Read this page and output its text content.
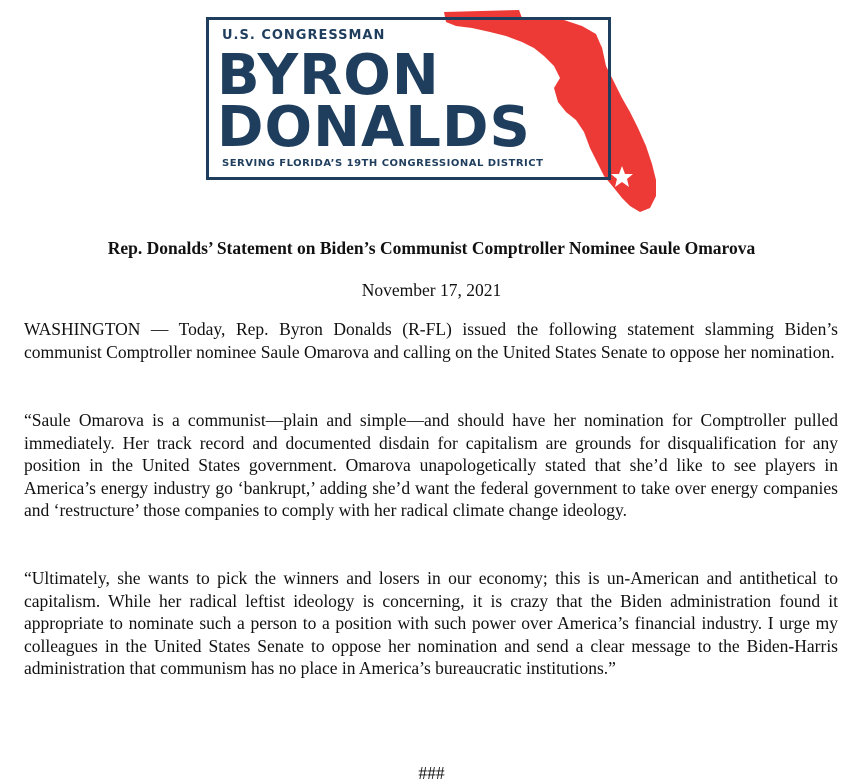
U.S. CONGRESSMAN
BYRON
DONALDS
SERVING FLORIDA’S 19TH CONGRESSIONAL DISTRICT
Rep. Donalds’ Statement on Biden’s Communist Comptroller Nominee Saule Omarova
November 17, 2021

WASHINGTON — Today, Rep. Byron Donalds (R-FL) issued the following statement slamming Biden’s communist Comptroller nominee Saule Omarova and calling on the United States Senate to oppose her nomination.

“Saule Omarova is a communist—plain and simple—and should have her nomination for Comptroller pulled immediately. Her track record and documented disdain for capitalism are grounds for disqualification for any position in the United States government. Omarova unapologetically stated that she’d like to see players in America’s energy industry go ‘bankrupt,’ adding she’d want the federal government to take over energy companies and ‘restructure’ those companies to comply with her radical climate change ideology.

“Ultimately, she wants to pick the winners and losers in our economy; this is un-American and antithetical to capitalism. While her radical leftist ideology is concerning, it is crazy that the Biden administration found it appropriate to nominate such a person to a position with such power over America’s financial industry. I urge my colleagues in the United States Senate to oppose her nomination and send a clear message to the Biden-Harris administration that communism has no place in America’s bureaucratic institutions.”

###
